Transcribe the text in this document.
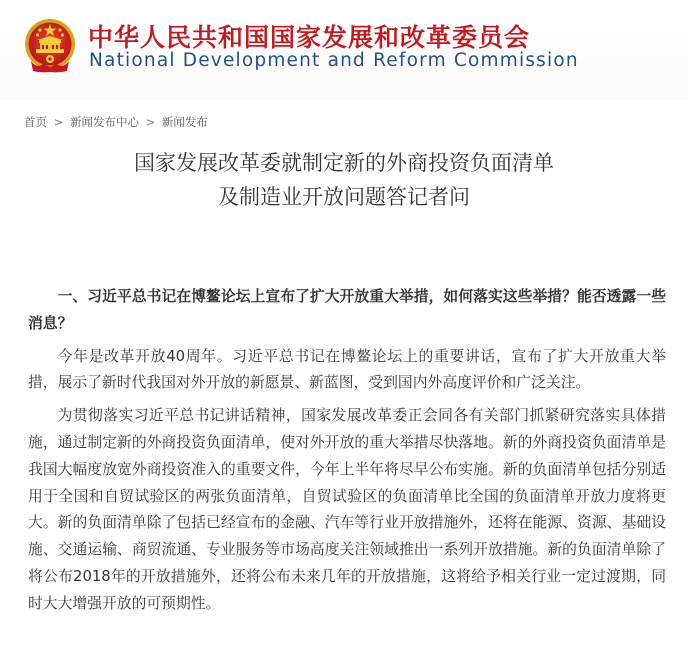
中华人民共和国国家发展和改革委员会
National Development and Reform Commission
首页 > 新闻发布中心 > 新闻发布
国家发展改革委就制定新的外商投资负面清单
及制造业开放问题答记者问

一、习近平总书记在博鳌论坛上宣布了扩大开放重大举措，如何落实这些举措？能否透露一些消息？

今年是改革开放40周年。习近平总书记在博鳌论坛上的重要讲话，宣布了扩大开放重大举措，展示了新时代我国对外开放的新愿景、新蓝图，受到国内外高度评价和广泛关注。

为贯彻落实习近平总书记讲话精神，国家发展改革委正会同各有关部门抓紧研究落实具体措施，通过制定新的外商投资负面清单，使对外开放的重大举措尽快落地。新的外商投资负面清单是我国大幅度放宽外商投资准入的重要文件，今年上半年将尽早公布实施。新的负面清单包括分别适用于全国和自贸试验区的两张负面清单，自贸试验区的负面清单比全国的负面清单开放力度将更大。新的负面清单除了包括已经宣布的金融、汽车等行业开放措施外，还将在能源、资源、基础设施、交通运输、商贸流通、专业服务等市场高度关注领域推出一系列开放措施。新的负面清单除了将公布2018年的开放措施外，还将公布未来几年的开放措施，这将给予相关行业一定过渡期，同时大大增强开放的可预期性。
